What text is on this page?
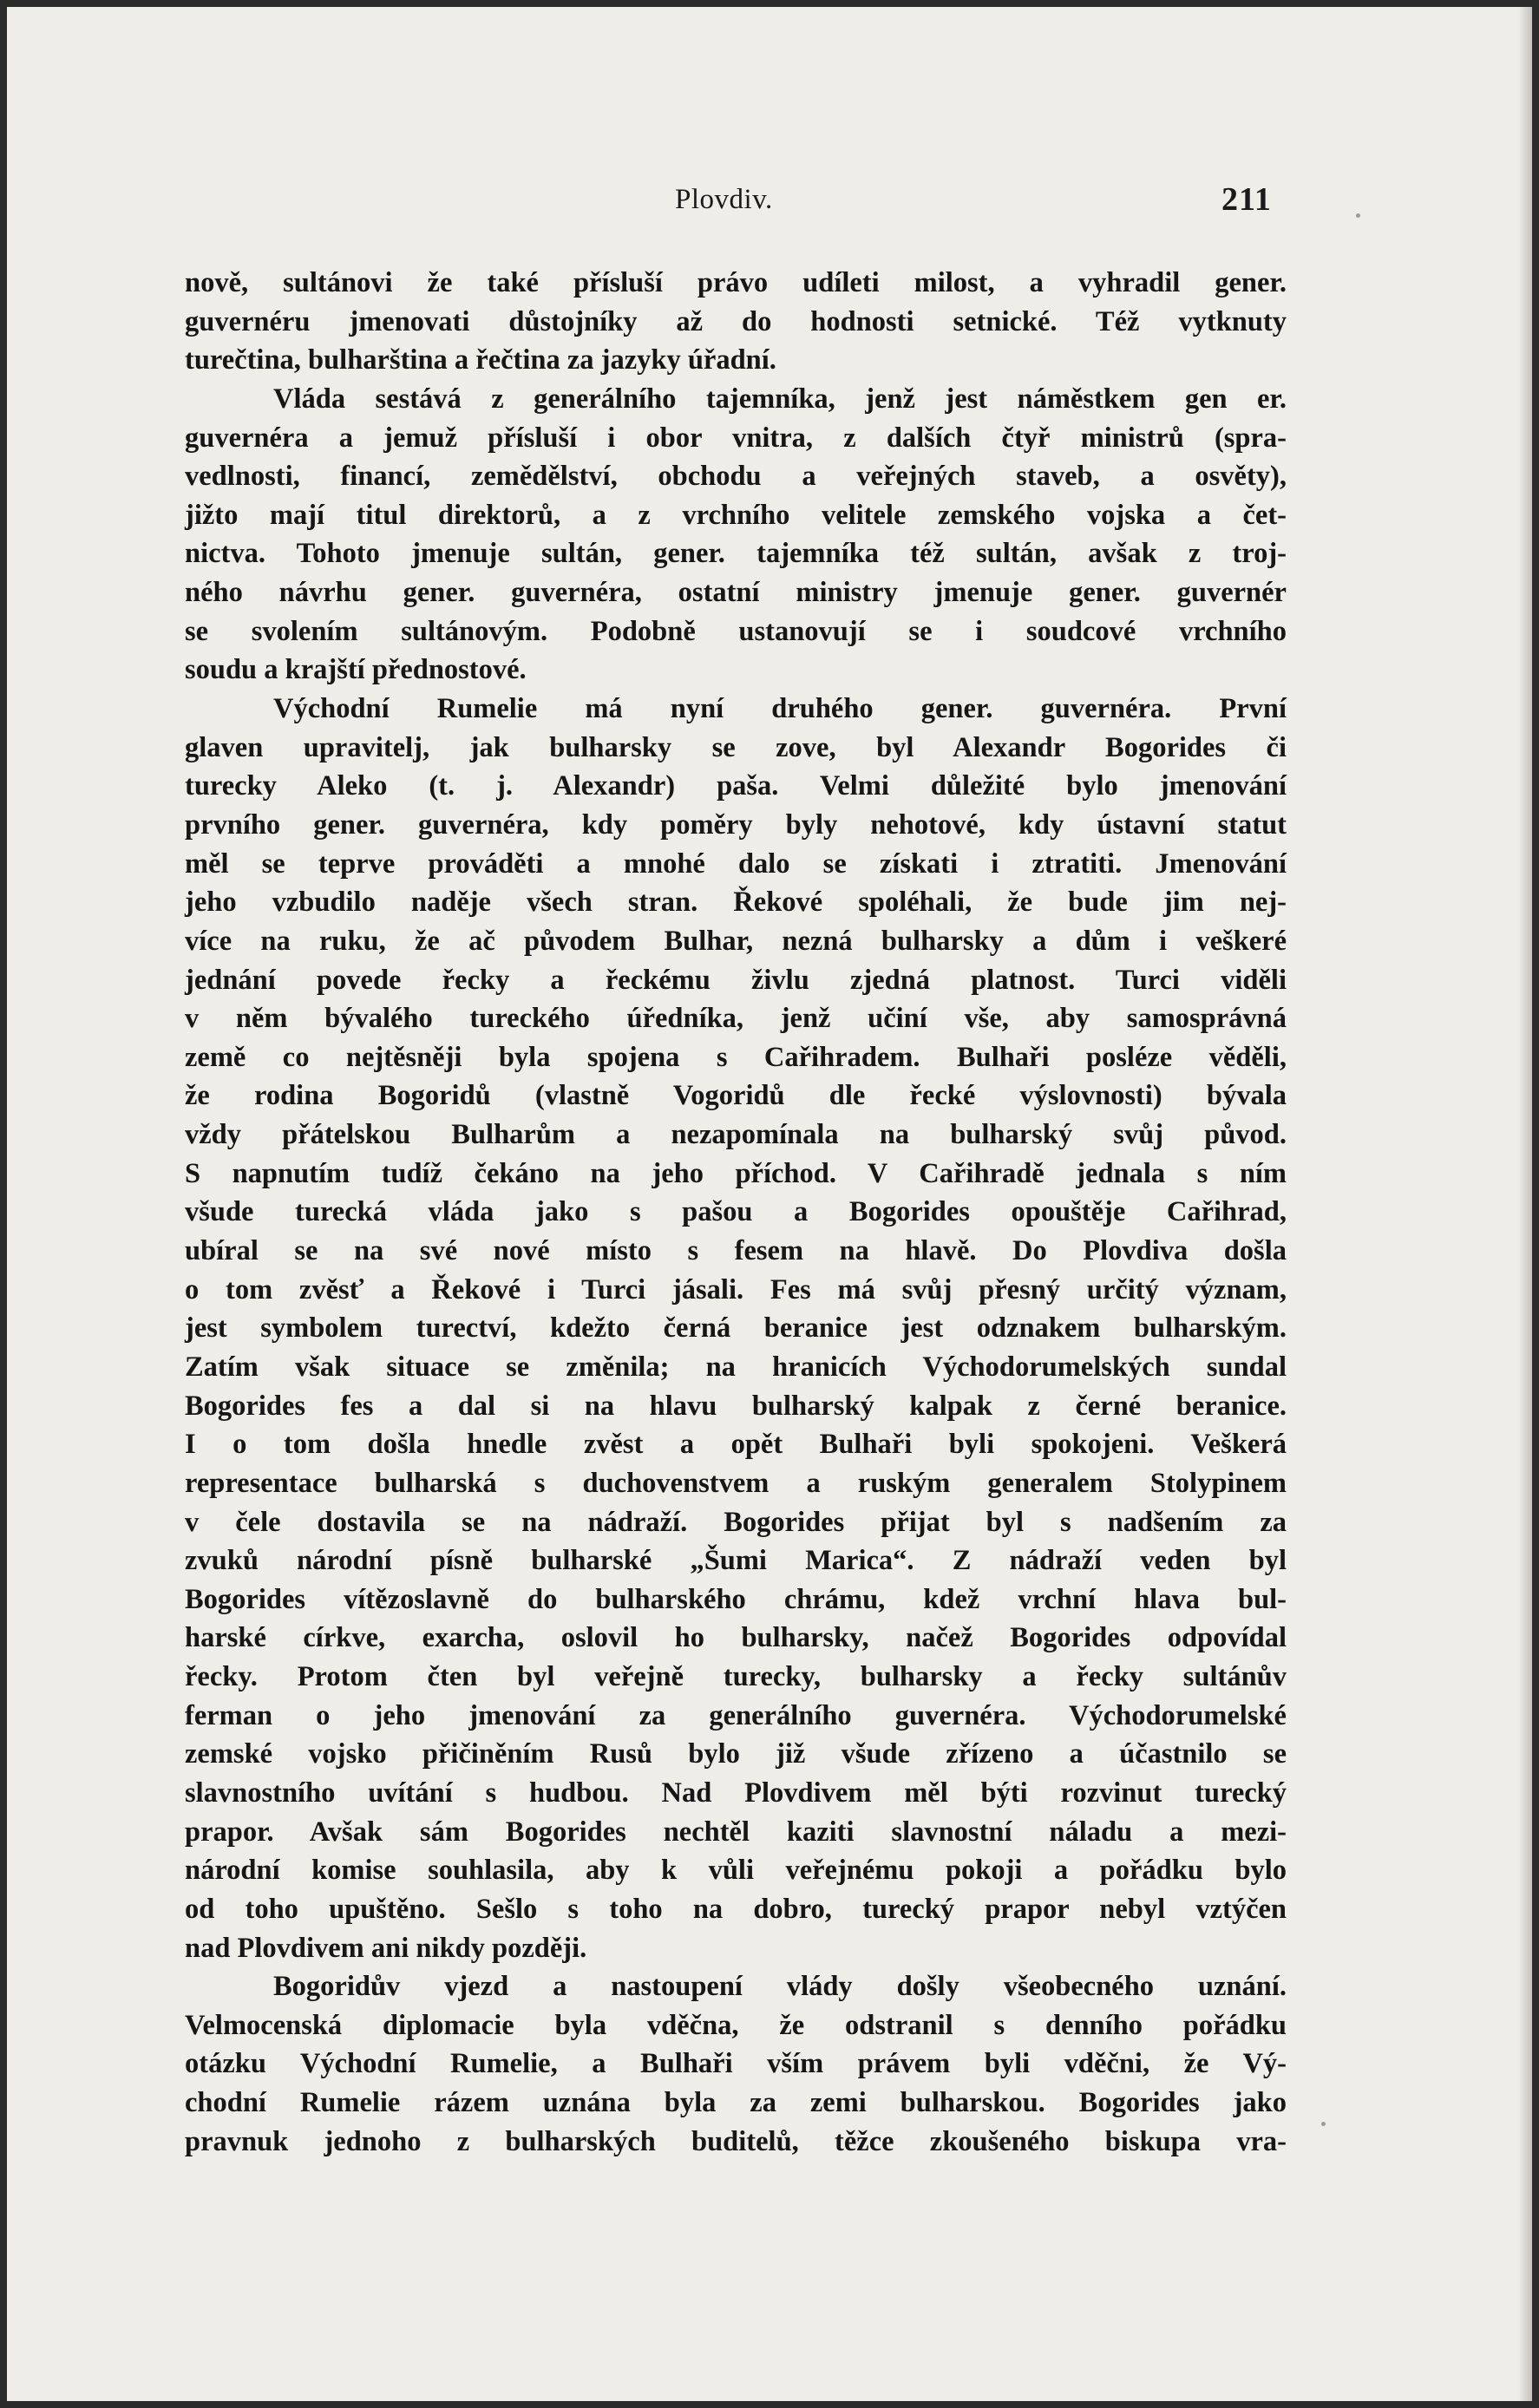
Plovdiv.	211
nově, sultánovi že také přísluší právo udíleti milost, a vyhradil gener.
guvernéru jmenovati důstojníky až do hodnosti setnické. Též vytknuty
turečtina, bulharština a řečtina za jazyky úřadní.
Vláda sestává z generálního tajemníka, jenž jest náměstkem gen er.
guvernéra a jemuž přísluší i obor vnitra, z dalších čtyř ministrů (spra-
vedlnosti, financí, zemědělství, obchodu a veřejných staveb, a osvěty),
jižto mají titul direktorů, a z vrchního velitele zemského vojska a čet-
nictva. Tohoto jmenuje sultán, gener. tajemníka též sultán, avšak z troj-
ného návrhu gener. guvernéra, ostatní ministry jmenuje gener. guvernér
se svolením sultánovým. Podobně ustanovují se i soudcové vrchního
soudu a krajští přednostové.
Východní Rumelie má nyní druhého gener. guvernéra. První
glaven upravitelj, jak bulharsky se zove, byl Alexandr Bogorides či
turecky Aleko (t. j. Alexandr) paša. Velmi důležité bylo jmenování
prvního gener. guvernéra, kdy poměry byly nehotové, kdy ústavní statut
měl se teprve prováděti a mnohé dalo se získati i ztratiti. Jmenování
jeho vzbudilo naděje všech stran. Řekové spoléhali, že bude jim nej-
více na ruku, že ač původem Bulhar, nezná bulharsky a dům i veškeré
jednání povede řecky a řeckému živlu zjedná platnost. Turci viděli
v něm bývalého tureckého úředníka, jenž učiní vše, aby samosprávná
země co nejtěsněji byla spojena s Cařihradem. Bulhaři posléze věděli,
že rodina Bogoridů (vlastně Vogoridů dle řecké výslovnosti) bývala
vždy přátelskou Bulharům a nezapomínala na bulharský svůj původ.
S napnutím tudíž čekáno na jeho příchod. V Cařihradě jednala s ním
všude turecká vláda jako s pašou a Bogorides opouštěje Cařihrad,
ubíral se na své nové místo s fesem na hlavě. Do Plovdiva došla
o tom zvěsť a Řekové i Turci jásali. Fes má svůj přesný určitý význam,
jest symbolem turectví, kdežto černá beranice jest odznakem bulharským.
Zatím však situace se změnila; na hranicích Východorumelských sundal
Bogorides fes a dal si na hlavu bulharský kalpak z černé beranice.
I o tom došla hnedle zvěst a opět Bulhaři byli spokojeni. Veškerá
representace bulharská s duchovenstvem a ruským generalem Stolypinem
v čele dostavila se na nádraží. Bogorides přijat byl s nadšením za
zvuků národní písně bulharské „Šumi Marica“. Z nádraží veden byl
Bogorides vítězoslavně do bulharského chrámu, kdež vrchní hlava bul-
harské církve, exarcha, oslovil ho bulharsky, načež Bogorides odpovídal
řecky. Protom čten byl veřejně turecky, bulharsky a řecky sultánův
ferman o jeho jmenování za generálního guvernéra. Východorumelské
zemské vojsko přičiněním Rusů bylo již všude zřízeno a účastnilo se
slavnostního uvítání s hudbou. Nad Plovdivem měl býti rozvinut turecký
prapor. Avšak sám Bogorides nechtěl kaziti slavnostní náladu a mezi-
národní komise souhlasila, aby k vůli veřejnému pokoji a pořádku bylo
od toho upuštěno. Sešlo s toho na dobro, turecký prapor nebyl vztýčen
nad Plovdivem ani nikdy později.
Bogoridův vjezd a nastoupení vlády došly všeobecného uznání.
Velmocenská diplomacie byla vděčna, že odstranil s denního pořádku
otázku Východní Rumelie, a Bulhaři vším právem byli vděčni, že Vý-
chodní Rumelie rázem uznána byla za zemi bulharskou. Bogorides jako
pravnuk jednoho z bulharských buditelů, těžce zkoušeného biskupa vra-
